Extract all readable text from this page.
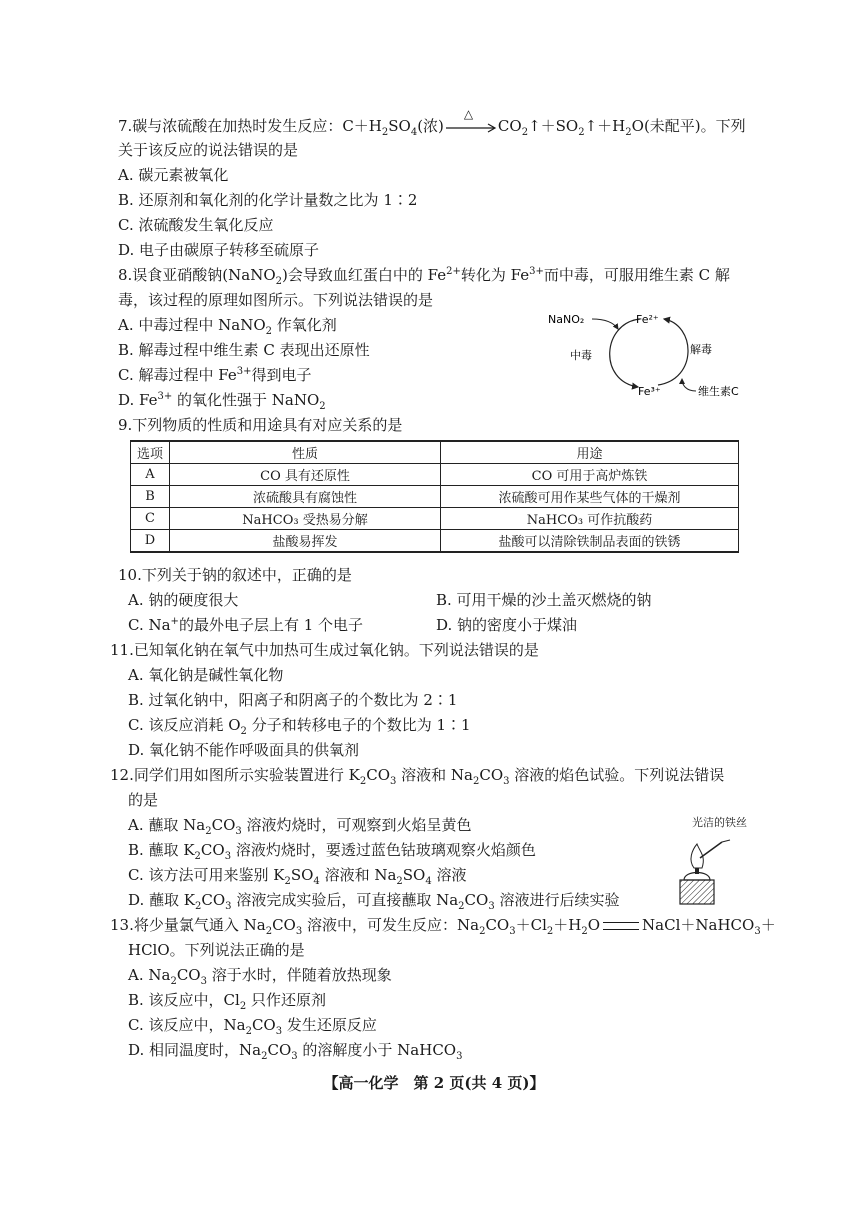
7.碳与浓硫酸在加热时发生反应：$C+H_2SO_4$(浓)
△
$CO_2↑+SO_2↑+H_2O$(未配平)。下列
关于该反应的说法错误的是
A. 碳元素被氧化
B. 还原剂和氧化剂的化学计量数之比为 1∶2
C. 浓硫酸发生氧化反应
D. 电子由碳原子转移至硫原子
8.误食亚硝酸钠(NaNO$_2$)会导致血红蛋白中的 $Fe^{2+}$转化为 $Fe^{3+}$而中毒，可服用维生素 C 解
毒，该过程的原理如图所示。下列说法错误的是
A. 中毒过程中 NaNO$_2$ 作氧化剂
B. 解毒过程中维生素 C 表现出还原性
C. 解毒过程中 $Fe^{3+}$得到电子
D. $Fe^{3+}$ 的氧化性强于 NaNO$_2$
NaNO₂	Fe²⁺
中毒	解毒
Fe³⁺	维生素C
9.下列物质的性质和用途具有对应关系的是
选项	性质	用途
A	CO 具有还原性	CO 可用于高炉炼铁
B	浓硫酸具有腐蚀性	浓硫酸可用作某些气体的干燥剂
C	NaHCO₃ 受热易分解	NaHCO₃ 可作抗酸药
D	盐酸易挥发	盐酸可以清除铁制品表面的铁锈
10.下列关于钠的叙述中，正确的是
A. 钠的硬度很大	B. 可用干燥的沙土盖灭燃烧的钠
C. Na+的最外电子层上有 1 个电子	D. 钠的密度小于煤油
11.已知氧化钠在氧气中加热可生成过氧化钠。下列说法错误的是
A. 氧化钠是碱性氧化物
B. 过氧化钠中，阳离子和阴离子的个数比为 2∶1
C. 该反应消耗 $O_2$ 分子和转移电子的个数比为 1∶1
D. 氧化钠不能作呼吸面具的供氧剂
12.同学们用如图所示实验装置进行 $K_2CO_3$ 溶液和 $Na_2CO_3$ 溶液的焰色试验。下列说法错误
的是
A. 蘸取 $Na_2CO_3$ 溶液灼烧时，可观察到火焰呈黄色
B. 蘸取 $K_2CO_3$ 溶液灼烧时，要透过蓝色钴玻璃观察火焰颜色
C. 该方法可用来鉴别 $K_2SO_4$ 溶液和 $Na_2SO_4$ 溶液
D. 蘸取 $K_2CO_3$ 溶液完成实验后，可直接蘸取 $Na_2CO_3$ 溶液进行后续实验
光洁的铁丝
13.将少量氯气通入 $Na_2CO_3$ 溶液中，可发生反应：$Na_2CO_3+Cl_2+H_2O$	NaCl＋NaHCO$_3$＋
HClO。下列说法正确的是
A. $Na_2CO_3$ 溶于水时，伴随着放热现象
B. 该反应中，$Cl_2$ 只作还原剂
C. 该反应中，$Na_2CO_3$ 发生还原反应
D. 相同温度时，$Na_2CO_3$ 的溶解度小于 NaHCO$_3$
【高一化学　第 2 页(共 4 页)】
